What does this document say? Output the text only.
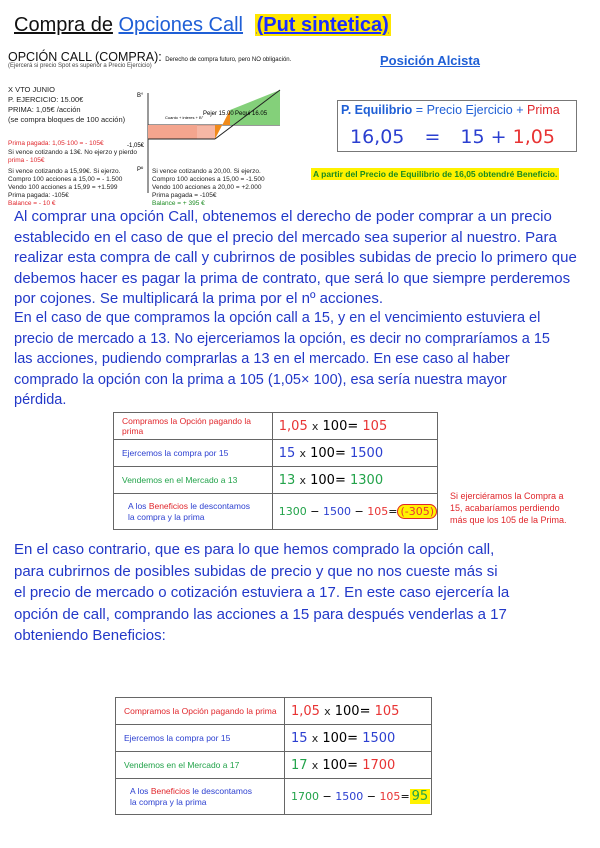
Compra de Opciones Call (Put sintetica)
OPCIÓN CALL (COMPRA): Derecho de compra futuro, pero NO obligación.
(Ejercerá si precio Spot es superior a Precio Ejercicio)	Posición Alcista
X VTO JUNIO
P. EJERCICIO: 15.00€
PRIMA: 1,05€ /acción
(se compra bloques de 100 acción)
Prima pagada: 1,05·100 = - 105€
Si vence cotizando a 13€. No ejerzo y pierdo
prima - 105€
Si vence cotizando a 15,99€. Si ejerzo.
Compro 100 acciones a 15,00 = - 1.500
Vendo 100 acciones a 15,99 = +1.599
Prima pagada: -105€
Balance = - 10 €
B°
Pº
-1,05€
Cuanto + interes + B°
Pejer 15.00 Pequi 16.05
Si vence cotizando a 20,00. Si ejerzo.
Compro 100 acciones a 15,00 = -1.500
Vendo 100 acciones a 20,00 = +2.000
Prima pagada = -105€
Balance = + 395 €
P. Equilibrio = Precio Ejercicio + Prima
16,05 = 15 + 1,05
A partir del Precio de Equilibrio de 16,05 obtendré Beneficio.

Al comprar una opción Call, obtenemos el derecho de poder comprar a un precio

establecido en el caso de que el precio del mercado sea superior al nuestro. Para

realizar esta compra de call y cubrirnos de posibles subidas de precio lo primero que

debemos hacer es pagar la prima de contrato, que será lo que siempre perderemos

por cojones. Se multiplicará la prima por el nº acciones.

En el caso de que compramos la opción call a 15, y en el vencimiento estuviera el

precio de mercado a 13. No ejerceriamos la opción, es decir no compraríamos a 15

las acciones, pudiendo comprarlas a 13 en el mercado. En ese caso al haber

comprado la opción con la prima a 105 (1,05× 100), esa sería nuestra mayor

pérdida.

Compramos la Opción pagando la prima	1,05 x 100= 105
Ejercemos la compra por 15	15 x 100= 1500
Vendemos en el Mercado a 13	13 x 100= 1300
A los Beneficios le descontamos
la compra y la prima	1300 − 1500 − 105= (-305)
Si ejerciéramos la Compra a
15, acabaríamos perdiendo
más que los 105 de la Prima.

En el caso contrario, que es para lo que hemos comprado la opción call,

para cubrirnos de posibles subidas de precio y que no nos cueste más si

el precio de mercado o cotización estuviera a 17. En este caso ejercería la

opción de call, comprando las acciones a 15 para después venderlas a 17

obteniendo Beneficios:

Compramos la Opción pagando la prima	1,05 x 100= 105
Ejercemos la compra por 15	15 x 100= 1500
Vendemos en el Mercado a 17	17 x 100= 1700
A los Beneficios le descontamos
la compra y la prima	1700 − 1500 − 105= 95
